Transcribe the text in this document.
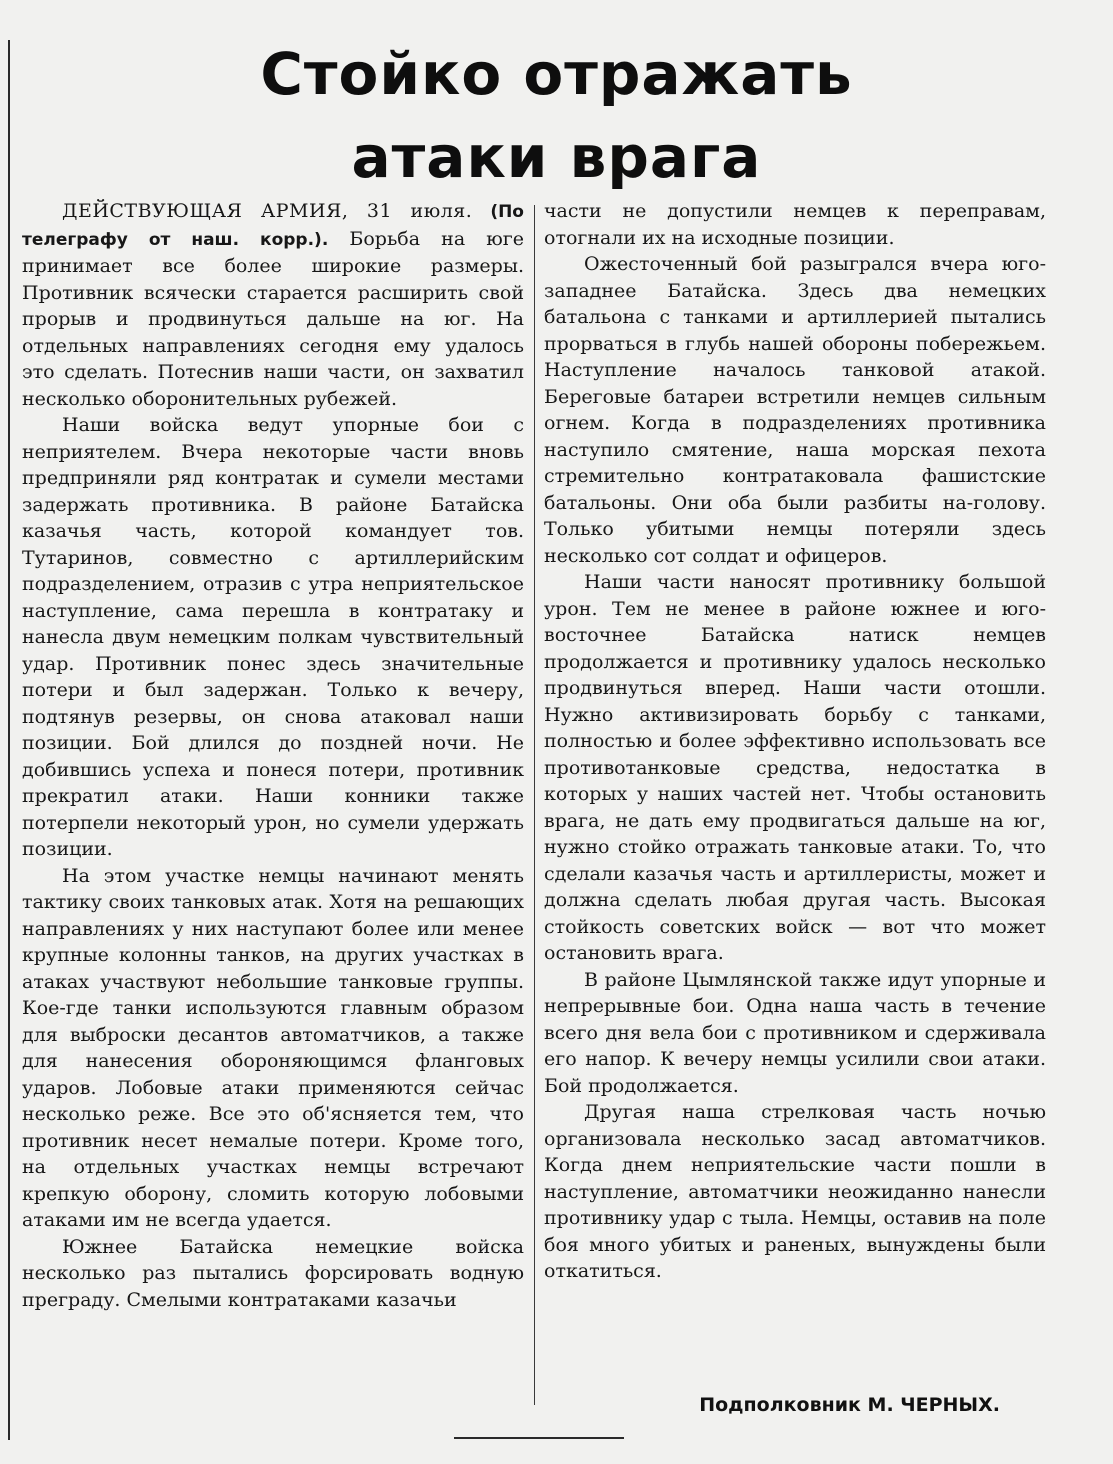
Стойко отражать
атаки врага

ДЕЙСТВУЮЩАЯ АРМИЯ, 31 июля. (По телеграфу от наш. корр.). Борьба на юге принимает все более широкие размеры. Противник всячески старается расширить свой прорыв и продвинуться дальше на юг. На отдельных направлениях сегодня ему удалось это сделать. Потеснив наши части, он захватил несколько оборонительных рубежей.

Наши войска ведут упорные бои с неприятелем. Вчера некоторые части вновь предприняли ряд контратак и сумели местами задержать противника. В районе Батайска казачья часть, которой командует тов. Тутаринов, совместно с артиллерийским подразделением, отразив с утра неприятельское наступление, сама перешла в контратаку и нанесла двум немецким полкам чувствительный удар. Противник понес здесь значительные потери и был задержан. Только к вечеру, подтянув резервы, он снова атаковал наши позиции. Бой длился до поздней ночи. Не добившись успеха и понеся потери, противник прекратил атаки. Наши конники также потерпели некоторый урон, но сумели удержать позиции.

На этом участке немцы начинают менять тактику своих танковых атак. Хотя на решающих направлениях у них наступают более или менее крупные колонны танков, на других участках в атаках участвуют небольшие танковые группы. Кое-где танки используются главным образом для выброски десантов автоматчиков, а также для нанесения обороняющимся фланговых ударов. Лобовые атаки применяются сейчас несколько реже. Все это об'ясняется тем, что противник несет немалые потери. Кроме того, на отдельных участках немцы встречают крепкую оборону, сломить которую лобовыми атаками им не всегда удается.

Южнее Батайска немецкие войска несколько раз пытались форсировать водную преграду. Смелыми контратаками казачьи

части не допустили немцев к переправам, отогнали их на исходные позиции.

Ожесточенный бой разыгрался вчера юго-западнее Батайска. Здесь два немецких батальона с танками и артиллерией пытались прорваться в глубь нашей обороны побережьем. Наступление началось танковой атакой. Береговые батареи встретили немцев сильным огнем. Когда в подразделениях противника наступило смятение, наша морская пехота стремительно контратаковала фашистские батальоны. Они оба были разбиты на-голову. Только убитыми немцы потеряли здесь несколько сот солдат и офицеров.

Наши части наносят противнику большой урон. Тем не менее в районе южнее и юго-восточнее Батайска натиск немцев продолжается и противнику удалось несколько продвинуться вперед. Наши части отошли. Нужно активизировать борьбу с танками, полностью и более эффективно использовать все противотанковые средства, недостатка в которых у наших частей нет. Чтобы остановить врага, не дать ему продвигаться дальше на юг, нужно стойко отражать танковые атаки. То, что сделали казачья часть и артиллеристы, может и должна сделать любая другая часть. Высокая стойкость советских войск — вот что может остановить врага.

В районе Цымлянской также идут упорные и непрерывные бои. Одна наша часть в течение всего дня вела бои с противником и сдерживала его напор. К вечеру немцы усилили свои атаки. Бой продолжается.

Другая наша стрелковая часть ночью организовала несколько засад автоматчиков. Когда днем неприятельские части пошли в наступление, автоматчики неожиданно нанесли противнику удар с тыла. Немцы, оставив на поле боя много убитых и раненых, вынуждены были откатиться.

Подполковник М. ЧЕРНЫХ.
